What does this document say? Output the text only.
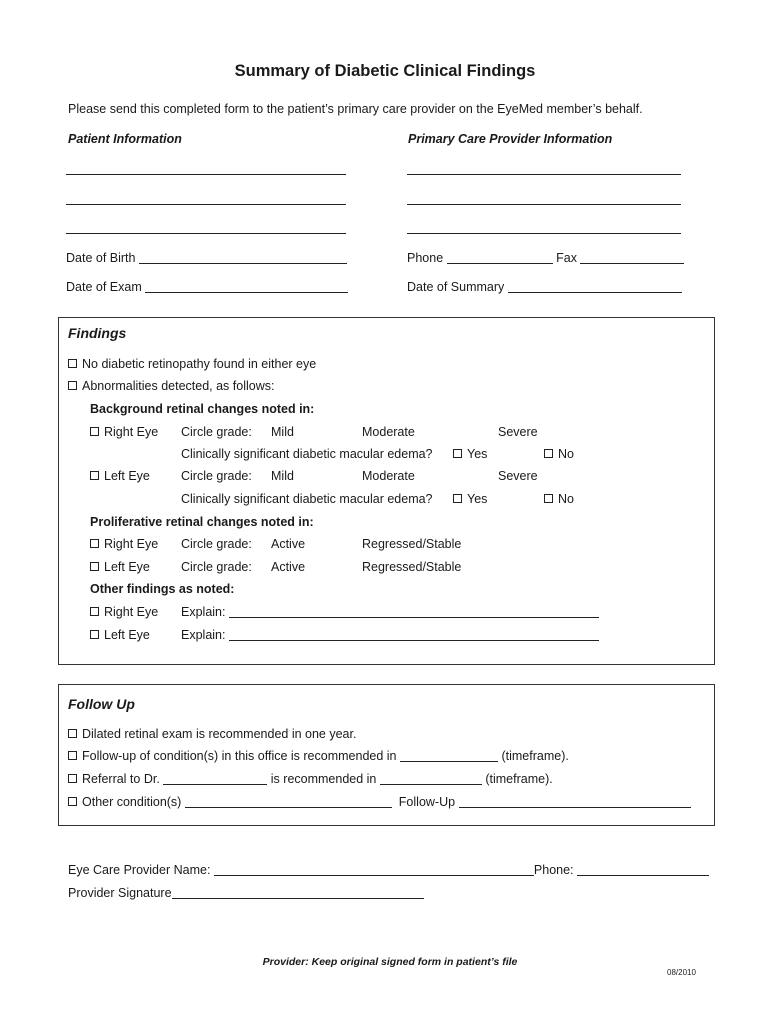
Summary of Diabetic Clinical Findings
Please send this completed form to the patient’s primary care provider on the EyeMed member’s behalf.
Patient Information
Date of Birth
Date of Exam
Primary Care Provider Information
Phone	Fax
Date of Summary
Findings
No diabetic retinopathy found in either eye
Abnormalities detected, as follows:
Background retinal changes noted in:
Right Eye Circle grade: Mild	Moderate	Severe
Clinically significant diabetic macular edema?	Yes	No
Left Eye Circle grade: Mild	Moderate	Severe
Clinically significant diabetic macular edema?	Yes	No
Proliferative retinal changes noted in:
Right Eye Circle grade: Active	Regressed/Stable
Left Eye Circle grade: Active	Regressed/Stable
Other findings as noted:
Right Eye Explain:
Left Eye Explain:
Follow Up
Dilated retinal exam is recommended in one year.
Follow-up of condition(s) in this office is recommended in	(timeframe).
Referral to Dr.	is recommended in	(timeframe).
Other condition(s)	Follow-Up
Eye Care Provider Name:	Phone:
Provider Signature
Provider: Keep original signed form in patient’s file
08/2010
